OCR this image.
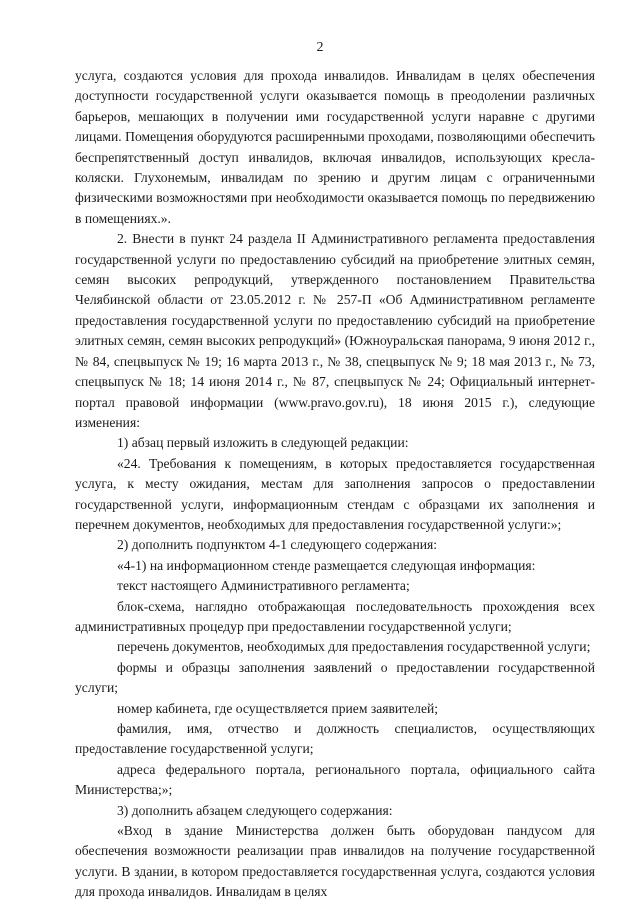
2

услуга, создаются условия для прохода инвалидов. Инвалидам в целях обеспечения доступности государственной услуги оказывается помощь в преодолении различных барьеров, мешающих в получении ими государственной услуги наравне с другими лицами. Помещения оборудуются расширенными проходами, позволяющими обеспечить беспрепятственный доступ инвалидов, включая инвалидов, использующих кресла-коляски. Глухонемым, инвалидам по зрению и другим лицам с ограниченными физическими возможностями при необходимости оказывается помощь по передвижению в помещениях.».

2. Внести в пункт 24 раздела II Административного регламента предоставления государственной услуги по предоставлению субсидий на приобретение элитных семян, семян высоких репродукций, утвержденного постановлением Правительства Челябинской области от 23.05.2012 г. № 257-П «Об Административном регламенте предоставления государственной услуги по предоставлению субсидий на приобретение элитных семян, семян высоких репродукций» (Южноуральская панорама, 9 июня 2012 г., № 84, спецвыпуск № 19; 16 марта 2013 г., № 38, спецвыпуск № 9; 18 мая 2013 г., № 73, спецвыпуск № 18; 14 июня 2014 г., № 87, спецвыпуск № 24; Официальный интернет-портал правовой информации (www.pravo.gov.ru), 18 июня 2015 г.), следующие изменения:

1) абзац первый изложить в следующей редакции:

«24. Требования к помещениям, в которых предоставляется государственная услуга, к месту ожидания, местам для заполнения запросов о предоставлении государственной услуги, информационным стендам с образцами их заполнения и перечнем документов, необходимых для предоставления государственной услуги:»;

2) дополнить подпунктом 4-1 следующего содержания:

«4-1) на информационном стенде размещается следующая информация:

текст настоящего Административного регламента;

блок-схема, наглядно отображающая последовательность прохождения всех административных процедур при предоставлении государственной услуги;

перечень документов, необходимых для предоставления государственной услуги;

формы и образцы заполнения заявлений о предоставлении государственной услуги;

номер кабинета, где осуществляется прием заявителей;

фамилия, имя, отчество и должность специалистов, осуществляющих предоставление государственной услуги;

адреса федерального портала, регионального портала, официального сайта Министерства;»;

3) дополнить абзацем следующего содержания:

«Вход в здание Министерства должен быть оборудован пандусом для обеспечения возможности реализации прав инвалидов на получение государственной услуги. В здании, в котором предоставляется государственная услуга, создаются условия для прохода инвалидов. Инвалидам в целях
